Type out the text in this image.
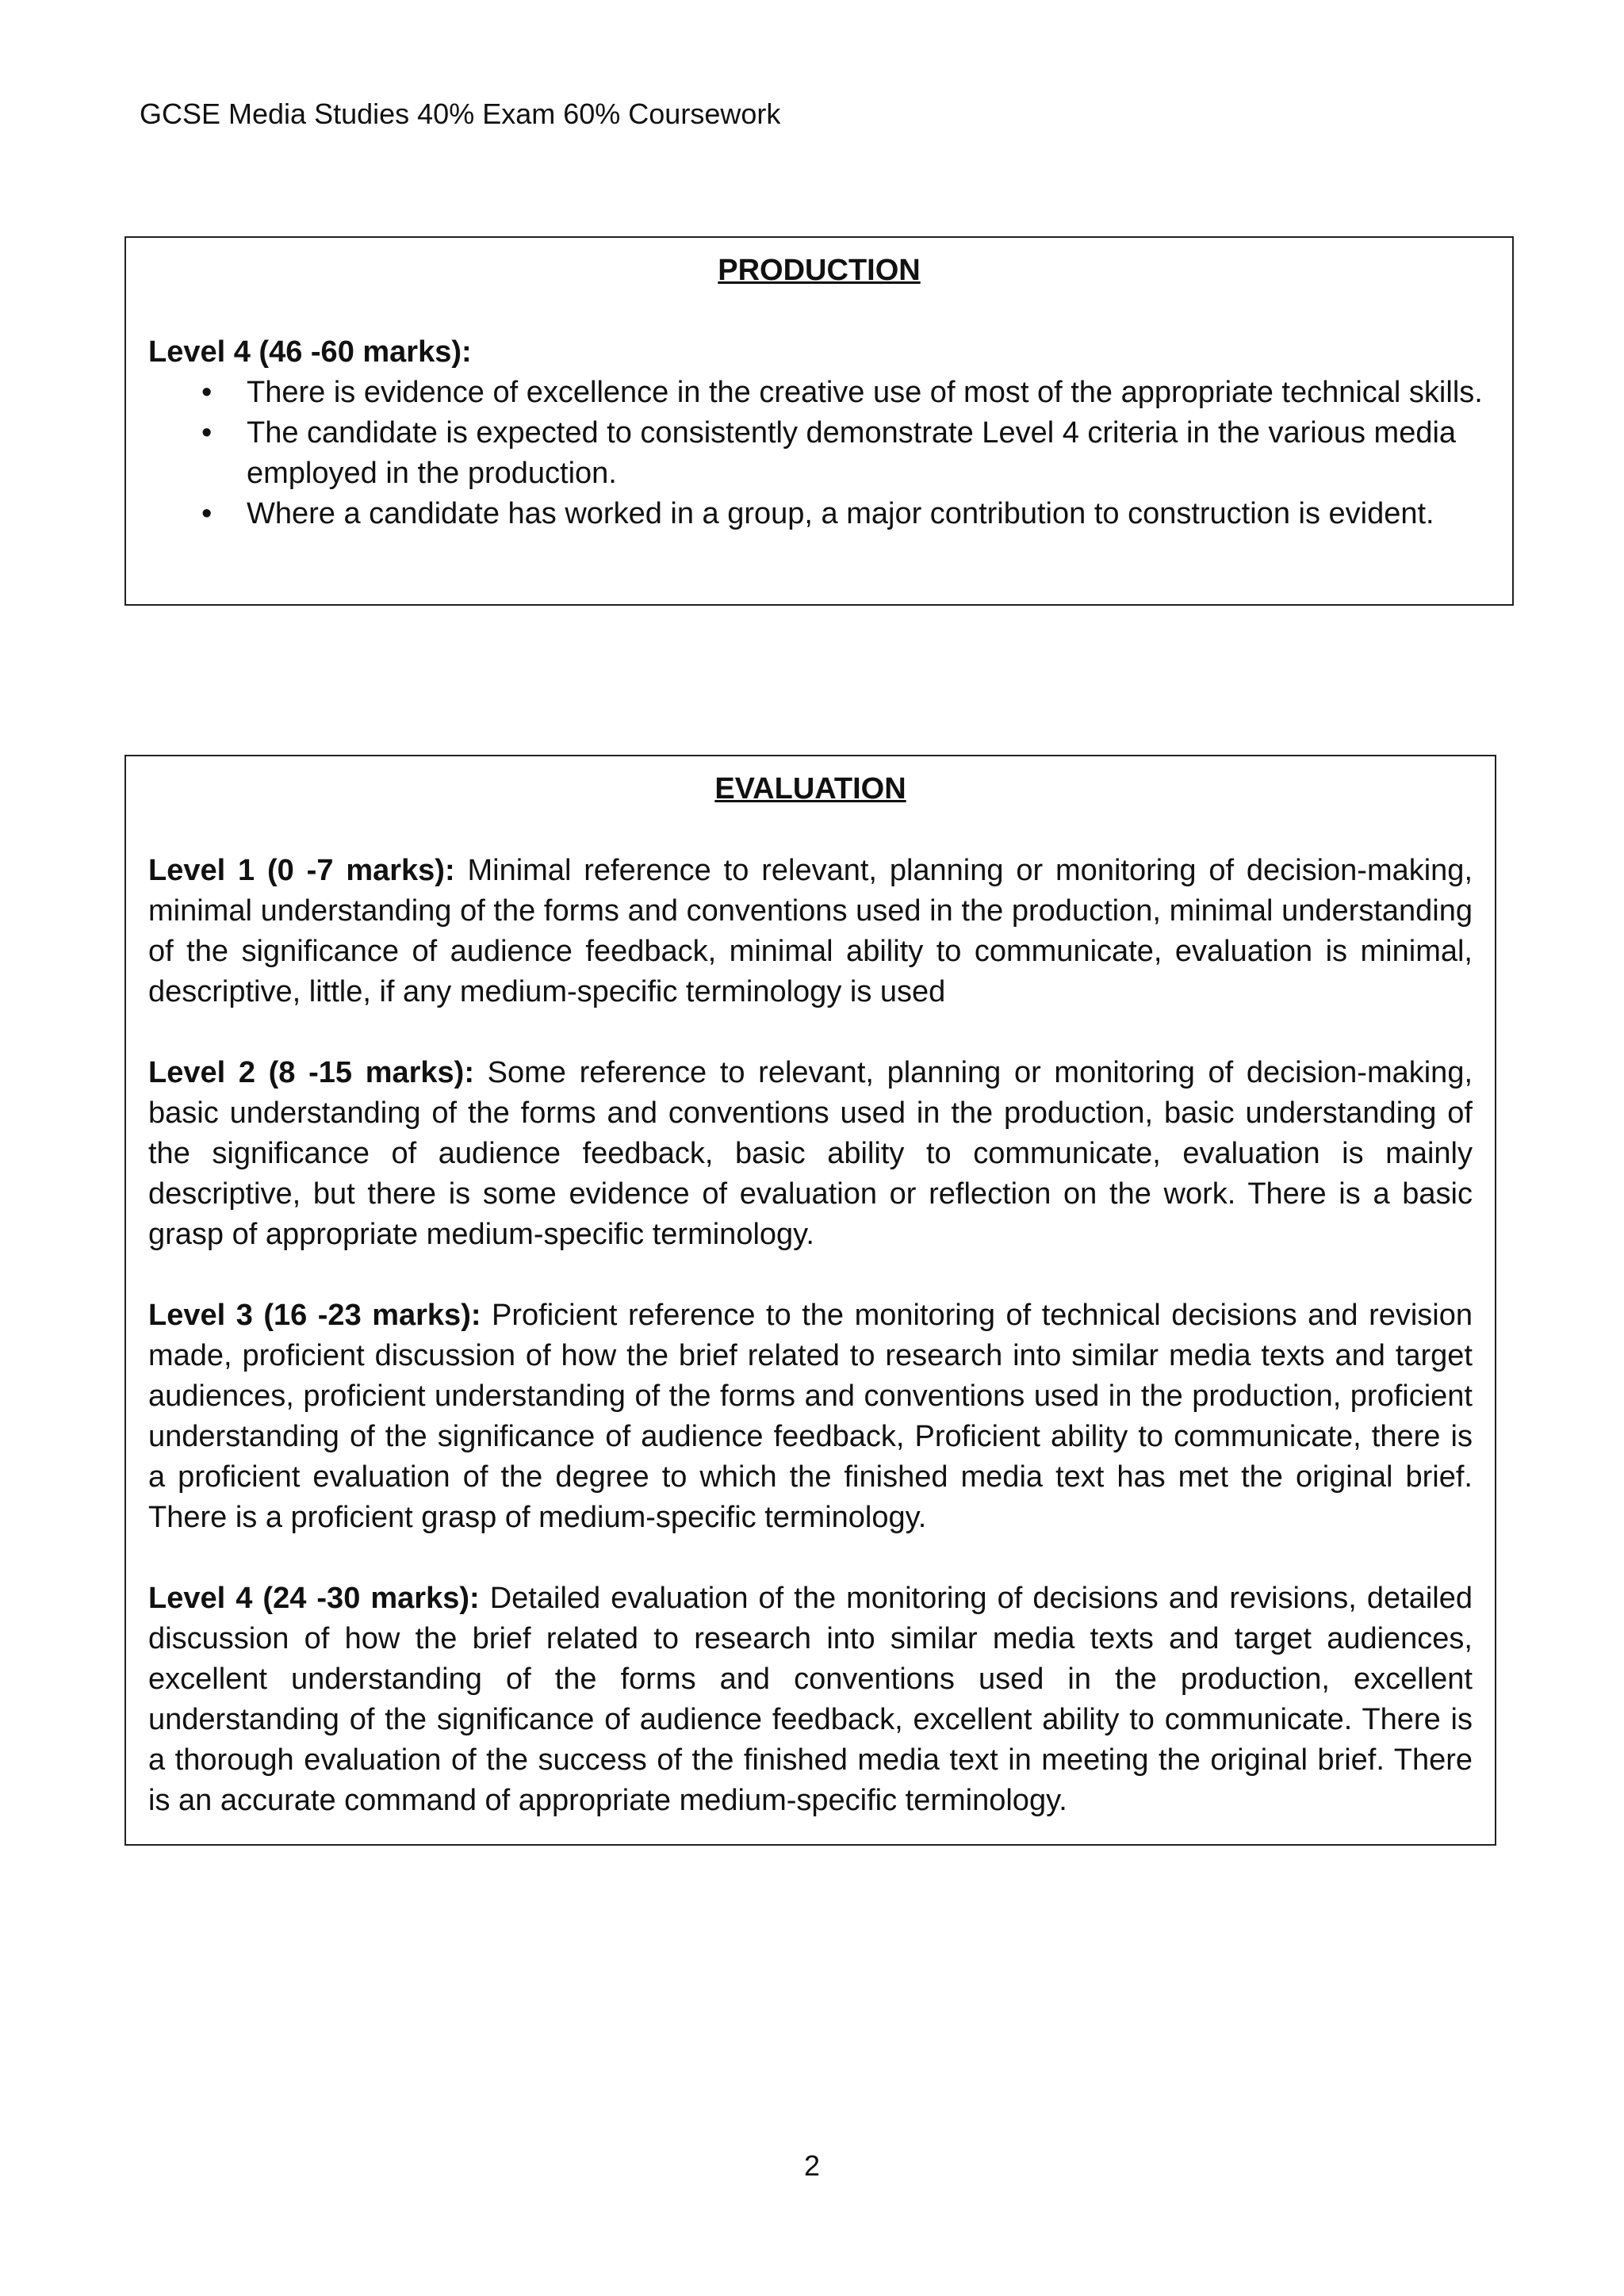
GCSE Media Studies 40% Exam 60% Coursework
PRODUCTION
Level 4 (46 -60 marks):
• There is evidence of excellence in the creative use of most of the appropriate technical skills.
• The candidate is expected to consistently demonstrate Level 4 criteria in the various media employed in the production.
• Where a candidate has worked in a group, a major contribution to construction is evident.
EVALUATION

Level 1 (0 -7 marks): Minimal reference to relevant, planning or monitoring of decision-making, minimal understanding of the forms and conventions used in the production, minimal understanding of the significance of audience feedback, minimal ability to communicate, evaluation is minimal, descriptive, little, if any medium-specific terminology is used

Level 2 (8 -15 marks): Some reference to relevant, planning or monitoring of decision-making, basic understanding of the forms and conventions used in the production, basic understanding of the significance of audience feedback, basic ability to communicate, evaluation is mainly descriptive, but there is some evidence of evaluation or reflection on the work. There is a basic grasp of appropriate medium-specific terminology.

Level 3 (16 -23 marks): Proficient reference to the monitoring of technical decisions and revision made, proficient discussion of how the brief related to research into similar media texts and target audiences, proficient understanding of the forms and conventions used in the production, proficient understanding of the significance of audience feedback, Proficient ability to communicate, there is a proficient evaluation of the degree to which the finished media text has met the original brief. There is a proficient grasp of medium-specific terminology.

Level 4 (24 -30 marks): Detailed evaluation of the monitoring of decisions and revisions, detailed discussion of how the brief related to research into similar media texts and target audiences, excellent understanding of the forms and conventions used in the production, excellent understanding of the significance of audience feedback, excellent ability to communicate. There is a thorough evaluation of the success of the finished media text in meeting the original brief. There is an accurate command of appropriate medium-specific terminology.

2
